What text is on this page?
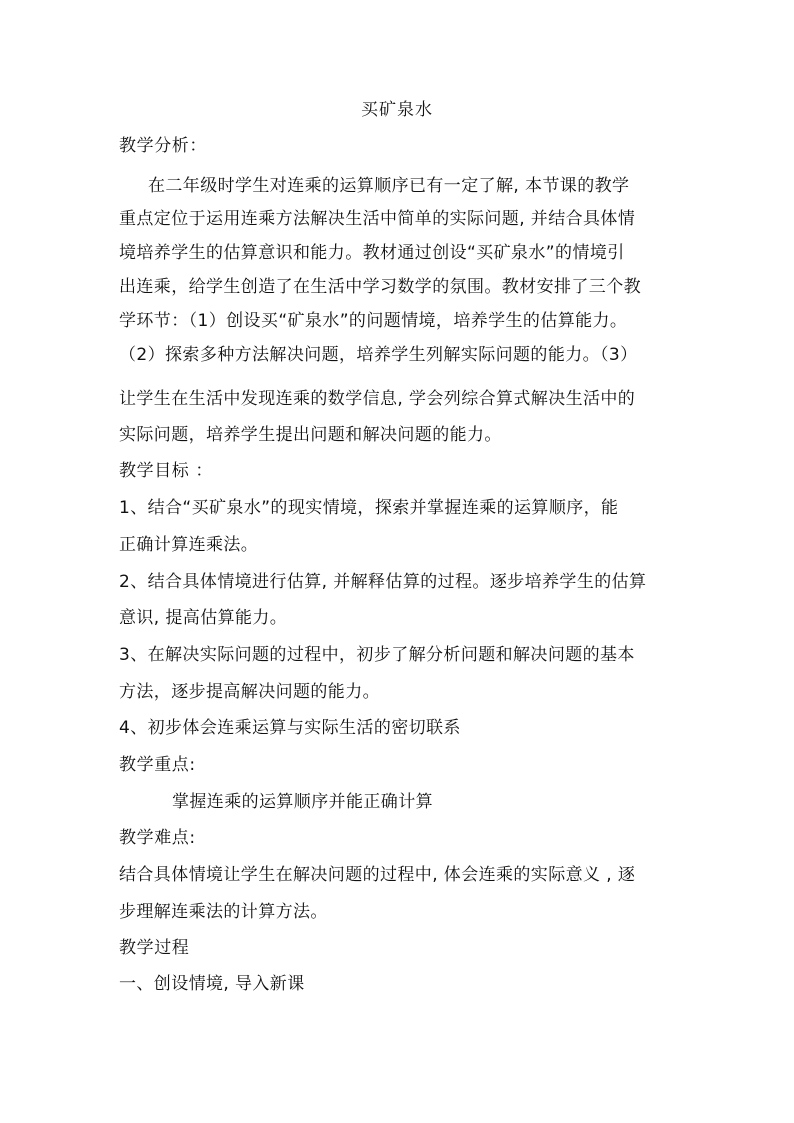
买矿泉水
教学分析：
在二年级时学生对连乘的运算顺序已有一定了解, 本节课的教学
重点定位于运用连乘方法解决生活中简单的实际问题, 并结合具体情
境培养学生的估算意识和能力。教材通过创设“买矿泉水”的情境引
出连乘，给学生创造了在生活中学习数学的氛围。教材安排了三个教
学环节：（1）创设买“矿泉水”的问题情境，培养学生的估算能力。
（2）探索多种方法解决问题，培养学生列解实际问题的能力。（3）
让学生在生活中发现连乘的数学信息, 学会列综合算式解决生活中的
实际问题，培养学生提出问题和解决问题的能力。
教学目标 ：
1、结合“买矿泉水”的现实情境，探索并掌握连乘的运算顺序，能
正确计算连乘法。
2、结合具体情境进行估算, 并解释估算的过程。逐步培养学生的估算
意识, 提高估算能力。
3、在解决实际问题的过程中，初步了解分析问题和解决问题的基本
方法，逐步提高解决问题的能力。
4、初步体会连乘运算与实际生活的密切联系
教学重点:
掌握连乘的运算顺序并能正确计算
教学难点:
结合具体情境让学生在解决问题的过程中, 体会连乘的实际意义 , 逐
步理解连乘法的计算方法。
教学过程
一、创设情境, 导入新课
